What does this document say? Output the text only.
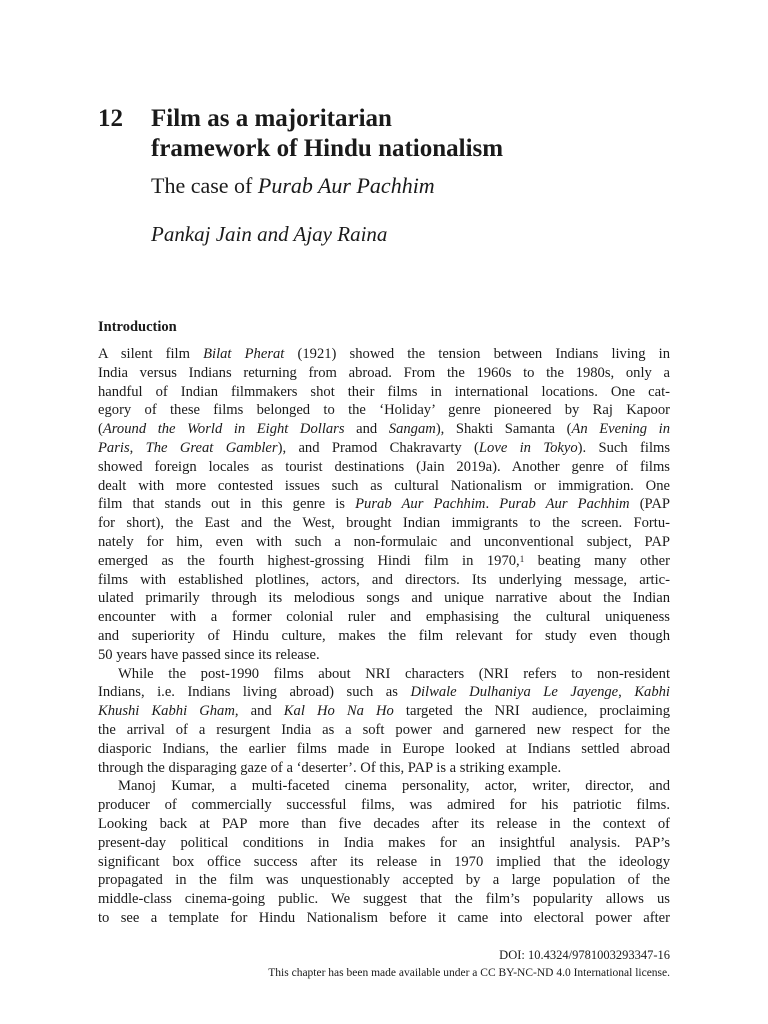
12 Film as a majoritarian
framework of Hindu nationalism
The case of Purab Aur Pachhim
Pankaj Jain and Ajay Raina
Introduction
A silent film Bilat Pherat (1921) showed the tension between Indians living in
India versus Indians returning from abroad. From the 1960s to the 1980s, only a
handful of Indian filmmakers shot their films in international locations. One cat-
egory of these films belonged to the ‘Holiday’ genre pioneered by Raj Kapoor
(Around the World in Eight Dollars and Sangam), Shakti Samanta (An Evening in
Paris, The Great Gambler), and Pramod Chakravarty (Love in Tokyo). Such films
showed foreign locales as tourist destinations (Jain 2019a). Another genre of films
dealt with more contested issues such as cultural Nationalism or immigration. One
film that stands out in this genre is Purab Aur Pachhim. Purab Aur Pachhim (PAP
for short), the East and the West, brought Indian immigrants to the screen. Fortu-
nately for him, even with such a non-formulaic and unconventional subject, PAP
emerged as the fourth highest-grossing Hindi film in 1970,$^1$ beating many other
films with established plotlines, actors, and directors. Its underlying message, artic-
ulated primarily through its melodious songs and unique narrative about the Indian
encounter with a former colonial ruler and emphasising the cultural uniqueness
and superiority of Hindu culture, makes the film relevant for study even though
50 years have passed since its release.
While the post-1990 films about NRI characters (NRI refers to non-resident
Indians, i.e. Indians living abroad) such as Dilwale Dulhaniya Le Jayenge, Kabhi
Khushi Kabhi Gham, and Kal Ho Na Ho targeted the NRI audience, proclaiming
the arrival of a resurgent India as a soft power and garnered new respect for the
diasporic Indians, the earlier films made in Europe looked at Indians settled abroad
through the disparaging gaze of a ‘deserter’. Of this, PAP is a striking example.
Manoj Kumar, a multi-faceted cinema personality, actor, writer, director, and
producer of commercially successful films, was admired for his patriotic films.
Looking back at PAP more than five decades after its release in the context of
present-day political conditions in India makes for an insightful analysis. PAP’s
significant box office success after its release in 1970 implied that the ideology
propagated in the film was unquestionably accepted by a large population of the
middle-class cinema-going public. We suggest that the film’s popularity allows us
to see a template for Hindu Nationalism before it came into electoral power after
DOI: 10.4324/9781003293347-16
This chapter has been made available under a CC BY-NC-ND 4.0 International license.
